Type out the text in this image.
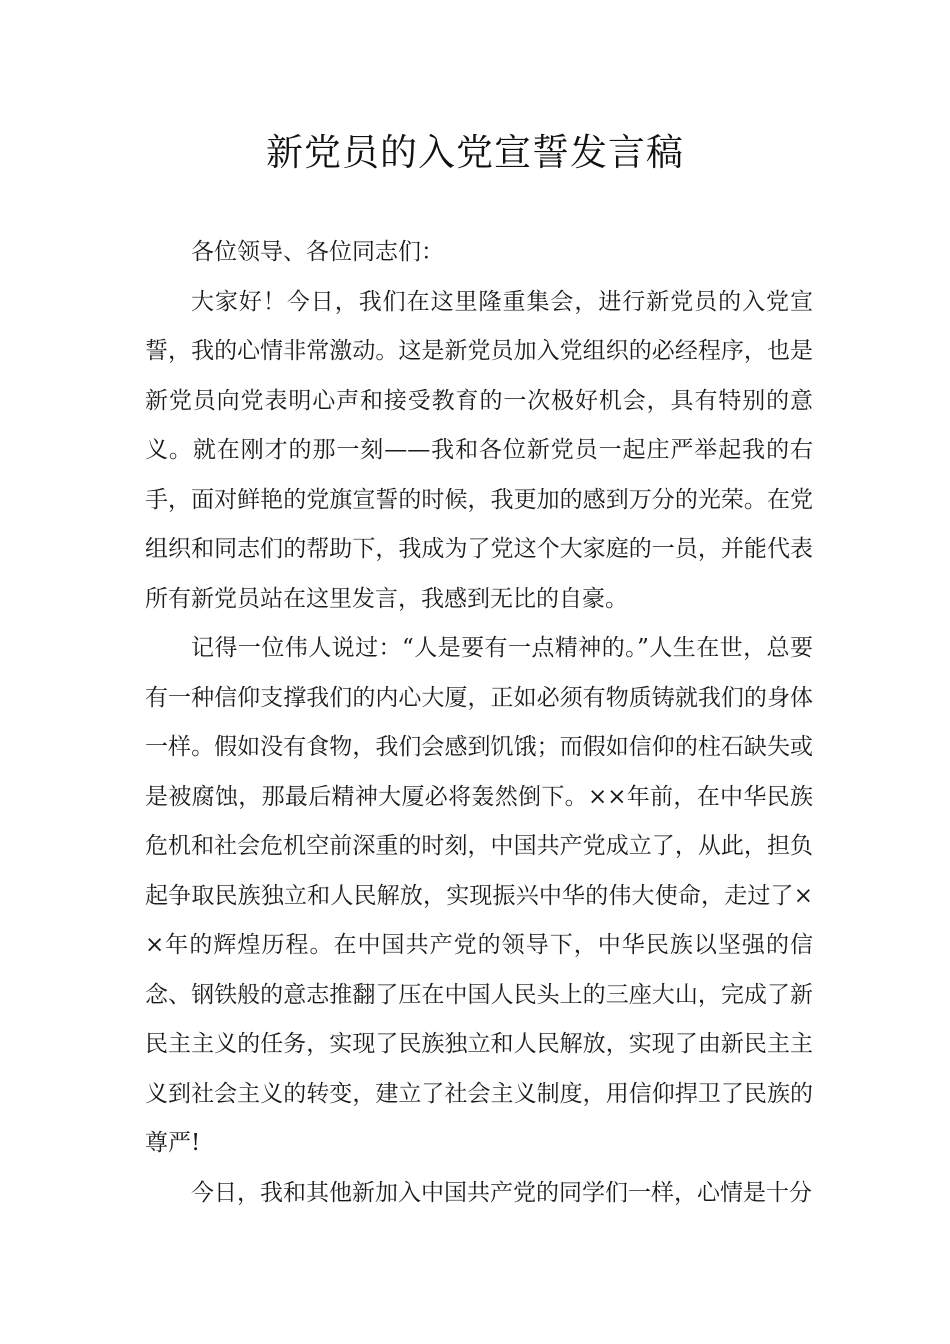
新党员的入党宣誓发言稿

各位领导、各位同志们：

大家好！今日，我们在这里隆重集会，进行新党员的入党宣誓，我的心情非常激动。这是新党员加入党组织的必经程序，也是新党员向党表明心声和接受教育的一次极好机会，具有特别的意义。就在刚才的那一刻——我和各位新党员一起庄严举起我的右手，面对鲜艳的党旗宣誓的时候，我更加的感到万分的光荣。在党组织和同志们的帮助下，我成为了党这个大家庭的一员，并能代表所有新党员站在这里发言，我感到无比的自豪。

记得一位伟人说过：“人是要有一点精神的。”人生在世，总要有一种信仰支撑我们的内心大厦，正如必须有物质铸就我们的身体一样。假如没有食物，我们会感到饥饿；而假如信仰的柱石缺失或是被腐蚀，那最后精神大厦必将轰然倒下。××年前，在中华民族危机和社会危机空前深重的时刻，中国共产党成立了，从此，担负起争取民族独立和人民解放，实现振兴中华的伟大使命，走过了××年的辉煌历程。在中国共产党的领导下，中华民族以坚强的信念、钢铁般的意志推翻了压在中国人民头上的三座大山，完成了新民主主义的任务，实现了民族独立和人民解放，实现了由新民主主义到社会主义的转变，建立了社会主义制度，用信仰捍卫了民族的尊严!

今日，我和其他新加入中国共产党的同学们一样，心情是十分
